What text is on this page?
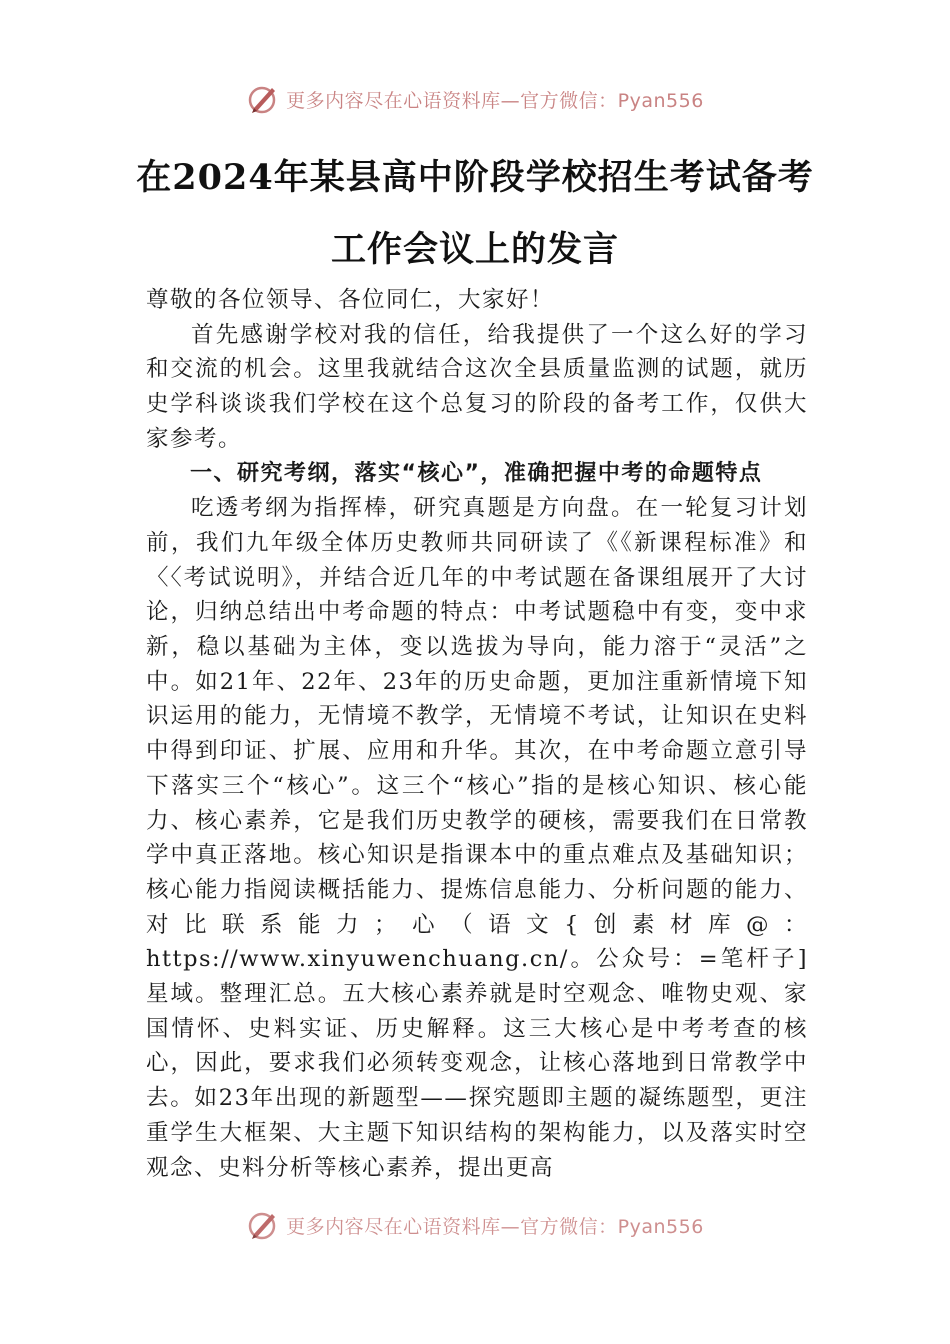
更多内容尽在心语资料库—官方微信：Pyan556
在2024年某县高中阶段学校招生考试备考
工作会议上的发言

尊敬的各位领导、各位同仁，大家好！

首先感谢学校对我的信任，给我提供了一个这么好的学习和交流的机会。这里我就结合这次全县质量监测的试题，就历史学科谈谈我们学校在这个总复习的阶段的备考工作，仅供大家参考。

一、研究考纲，落实“核心”，准确把握中考的命题特点

吃透考纲为指挥棒，研究真题是方向盘。在一轮复习计划前，我们九年级全体历史教师共同研读了《《新课程标准》和〈〈考试说明》，并结合近几年的中考试题在备课组展开了大讨论，归纳总结出中考命题的特点：中考试题稳中有变，变中求新，稳以基础为主体，变以选拔为导向，能力溶于“灵活”之中。如21年、22年、23年的历史命题，更加注重新情境下知识运用的能力，无情境不教学，无情境不考试，让知识在史料中得到印证、扩展、应用和升华。其次，在中考命题立意引导下落实三个“核心”。这三个“核心”指的是核心知识、核心能力、核心素养，它是我们历史教学的硬核，需要我们在日常教学中真正落地。核心知识是指课本中的重点难点及基础知识；核心能力指阅读概括能力、提炼信息能力、分析问题的能力、对比联系能力；心（语文{创素材库@：https://www.xinyuwenchuang.cn/。公众号：=笔杆子]星域。整理汇总。五大核心素养就是时空观念、唯物史观、家国情怀、史料实证、历史解释。这三大核心是中考考查的核心，因此，要求我们必须转变观念，让核心落地到日常教学中去。如23年出现的新题型——探究题即主题的凝练题型，更注重学生大框架、大主题下知识结构的架构能力，以及落实时空观念、史料分析等核心素养，提出更高

更多内容尽在心语资料库—官方微信：Pyan556
